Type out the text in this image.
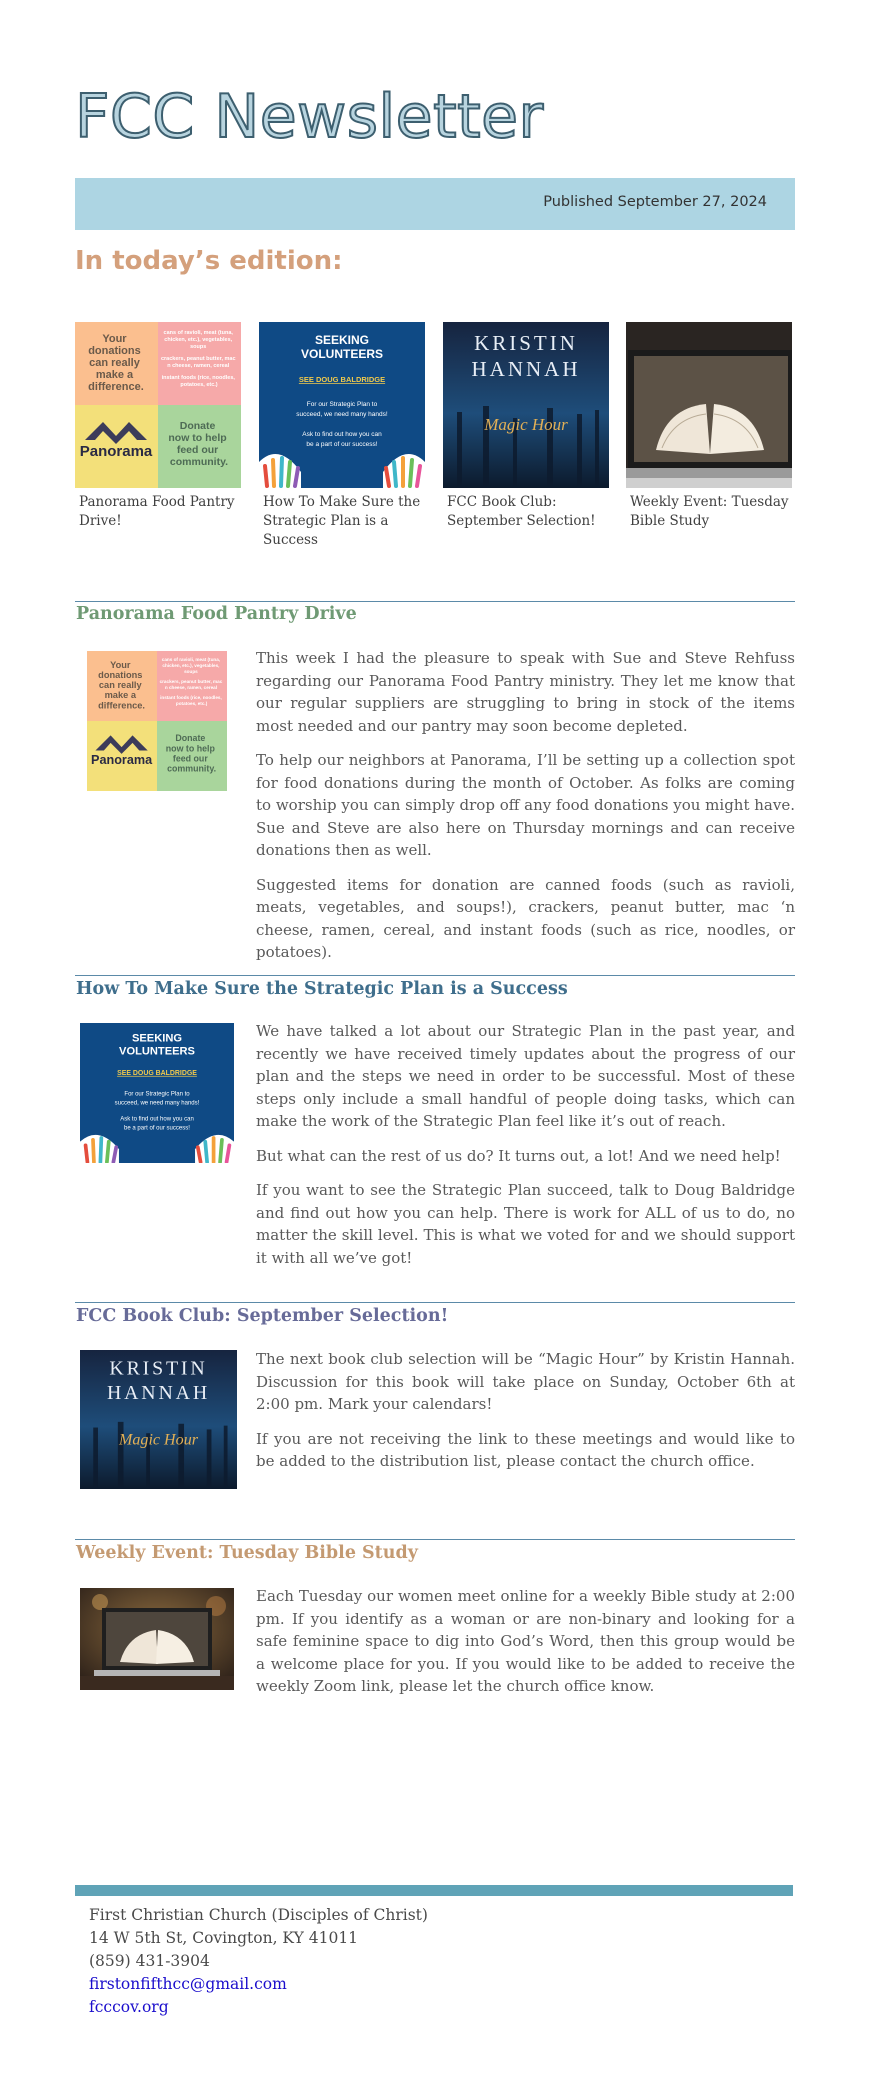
FCC Newsletter
Published September 27, 2024
In today’s edition:
Your donations can really make a difference.
cans of ravioli, meat (tuna, chicken, etc.), vegetables, soups crackers, peanut butter, mac n cheese, ramen, cereal instant foods (rice, noodles, potatoes, etc.)
Panorama
Donate now to help feed our community.
Panorama Food Pantry Drive!
SEEKING
VOLUNTEERS
SEE DOUG BALDRIDGE
For our Strategic Plan to
succeed, we need many hands!
Ask to find out how you can
be a part of our success!
How To Make Sure the Strategic Plan is a Success
KRISTIN
HANNAH
Magic Hour
FCC Book Club: September Selection!
Weekly Event: Tuesday Bible Study
Panorama Food Pantry Drive
Your donations can really make a difference.
cans of ravioli, meat (tuna, chicken, etc.), vegetables, soups crackers, peanut butter, mac n cheese, ramen, cereal instant foods (rice, noodles, potatoes, etc.)
Panorama
Donate now to help feed our community.

This week I had the pleasure to speak with Sue and Steve Rehfuss regarding our Panorama Food Pantry ministry. They let me know that our regular suppliers are struggling to bring in stock of the items most needed and our pantry may soon become depleted.

To help our neighbors at Panorama, I’ll be setting up a collection spot for food donations during the month of October. As folks are coming to worship you can simply drop off any food donations you might have. Sue and Steve are also here on Thursday mornings and can receive donations then as well.

Suggested items for donation are canned foods (such as ravioli, meats, vegetables, and soups!), crackers, peanut butter, mac ‘n cheese, ramen, cereal, and instant foods (such as rice, noodles, or potatoes).

How To Make Sure the Strategic Plan is a Success
SEEKING
VOLUNTEERS
SEE DOUG BALDRIDGE
For our Strategic Plan to
succeed, we need many hands!
Ask to find out how you can
be a part of our success!

We have talked a lot about our Strategic Plan in the past year, and recently we have received timely updates about the progress of our plan and the steps we need in order to be successful. Most of these steps only include a small handful of people doing tasks, which can make the work of the Strategic Plan feel like it’s out of reach.

But what can the rest of us do? It turns out, a lot! And we need help!

If you want to see the Strategic Plan succeed, talk to Doug Baldridge and find out how you can help. There is work for ALL of us to do, no matter the skill level. This is what we voted for and we should support it with all we’ve got!

FCC Book Club: September Selection!
KRISTIN
HANNAH
Magic Hour

The next book club selection will be “Magic Hour” by Kristin Hannah. Discussion for this book will take place on Sunday, October 6th at 2:00 pm. Mark your calendars!

If you are not receiving the link to these meetings and would like to be added to the distribution list, please contact the church office.

Weekly Event: Tuesday Bible Study

Each Tuesday our women meet online for a weekly Bible study at 2:00 pm. If you identify as a woman or are non-binary and looking for a safe feminine space to dig into God’s Word, then this group would be a welcome place for you. If you would like to be added to receive the weekly Zoom link, please let the church office know.

First Christian Church (Disciples of Christ)
14 W 5th St, Covington, KY 41011
(859) 431-3904
firstonfifthcc@gmail.com
fcccov.org
